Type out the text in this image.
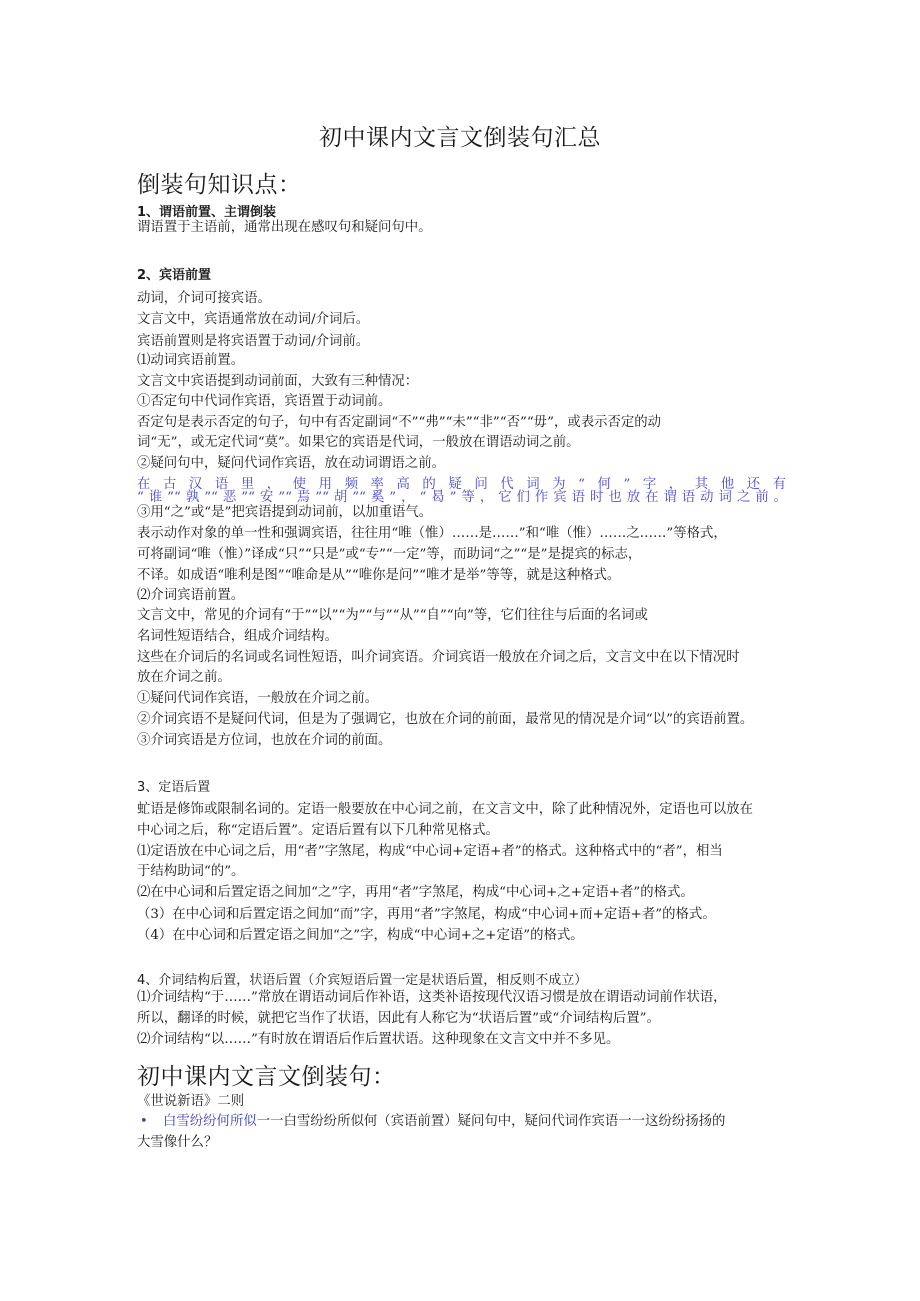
初中课内文言文倒装句汇总
倒装句知识点：
1、谓语前置、主谓倒装
谓语置于主语前，通常出现在感叹句和疑问句中。
2、宾语前置
动词，介词可接宾语。
文言文中，宾语通常放在动词/介词后。
宾语前置则是将宾语置于动词/介词前。
⑴动词宾语前置。
文言文中宾语提到动词前面，大致有三种情况：
①否定句中代词作宾语，宾语置于动词前。
否定句是表示否定的句子，句中有否定副词“不”“弗”“未”“非”“否”“毋”，或表示否定的动
词“无”，或无定代词“莫”。如果它的宾语是代词，一般放在谓语动词之前。
②疑问句中，疑问代词作宾语，放在动词谓语之前。
在古汉语里，使用频率高的疑问代词为“何”字，其他还有
“谁”“孰”“恶”“安”“焉”“胡”“奚”，“曷”等，它们作宾语时也放在谓语动词之前。
③用“之”或“是”把宾语提到动词前，以加重语气。
表示动作对象的单一性和强调宾语，往往用“唯（惟）……是……”和“唯（惟）……之……”等格式，
可将副词“唯（惟）”译成“只”“只是”或“专”“一定”等，而助词“之”“是”是提宾的标志，
不译。如成语“唯利是图”“唯命是从”“唯你是问”“唯才是举”等等，就是这种格式。
⑵介词宾语前置。
文言文中，常见的介词有“于”“以”“为”“与”“从”“自”“向”等，它们往往与后面的名词或
名词性短语结合，组成介词结构。
这些在介词后的名词或名词性短语，叫介词宾语。介词宾语一般放在介词之后，文言文中在以下情况时
放在介词之前。
①疑问代词作宾语，一般放在介词之前。
②介词宾语不是疑问代词，但是为了强调它，也放在介词的前面，最常见的情况是介词“以”的宾语前置。
③介词宾语是方位词，也放在介词的前面。
3、定语后置
虻语是修饰或限制名词的。定语一般要放在中心词之前，在文言文中，除了此种情况外，定语也可以放在
中心词之后，称“定语后置”。定语后置有以下几种常见格式。
⑴定语放在中心词之后，用“者”字煞尾，构成“中心词+定语+者”的格式。这种格式中的“者”，相当
于结构助词“的”。
⑵在中心词和后置定语之间加“之”字，再用“者”字煞尾，构成“中心词+之+定语+者”的格式。
（3）在中心词和后置定语之间加“而”字，再用“者”字煞尾，构成“中心词+而+定语+者”的格式。
（4）在中心词和后置定语之间加“之”字，构成“中心词+之+定语”的格式。
4、介词结构后置，状语后置（介宾短语后置一定是状语后置，相反则不成立）
⑴介词结构“于……”常放在谓语动词后作补语，这类补语按现代汉语习惯是放在谓语动词前作状语，
所以，翻译的时候，就把它当作了状语，因此有人称它为“状语后置”或“介词结构后置”。
⑵介词结构“以……”有时放在谓语后作后置状语。这种现象在文言文中并不多见。
初中课内文言文倒装句：
《世说新语》二则
• 白雪纷纷何所似一一白雪纷纷所似何（宾语前置）疑问句中，疑问代词作宾语一一这纷纷扬扬的
大雪像什么？
